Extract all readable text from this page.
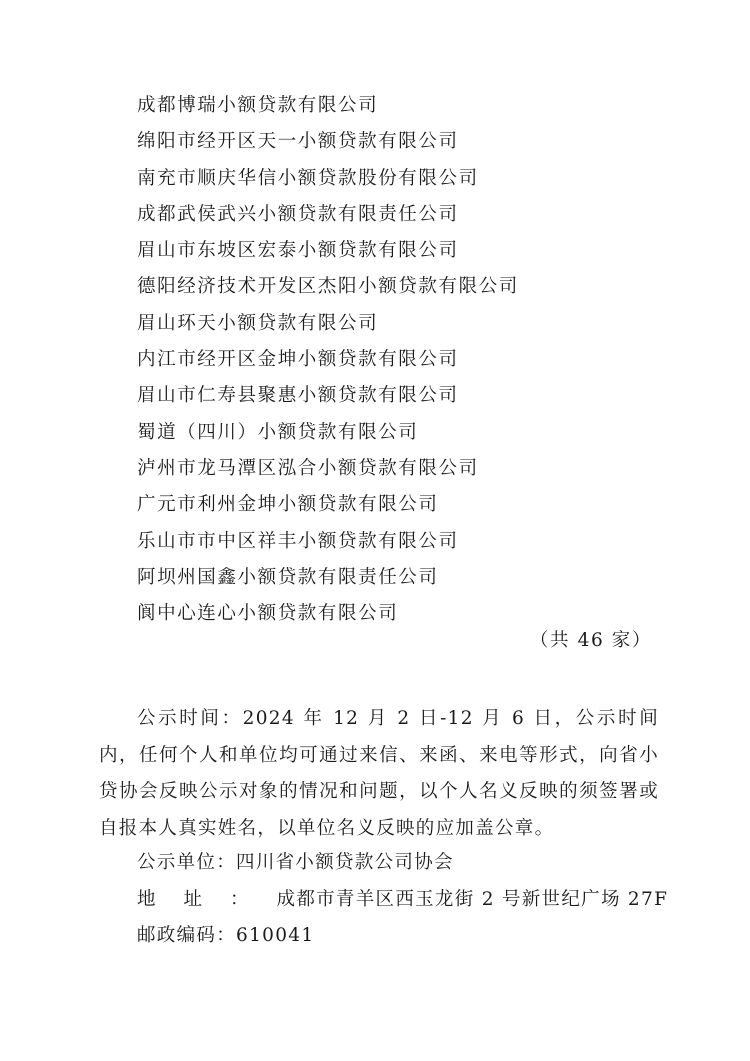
成都博瑞小额贷款有限公司
绵阳市经开区天一小额贷款有限公司
南充市顺庆华信小额贷款股份有限公司
成都武侯武兴小额贷款有限责任公司
眉山市东坡区宏泰小额贷款有限公司
德阳经济技术开发区杰阳小额贷款有限公司
眉山环天小额贷款有限公司
内江市经开区金坤小额贷款有限公司
眉山市仁寿县聚惠小额贷款有限公司
蜀道（四川）小额贷款有限公司
泸州市龙马潭区泓合小额贷款有限公司
广元市利州金坤小额贷款有限公司
乐山市市中区祥丰小额贷款有限公司
阿坝州国鑫小额贷款有限责任公司
阆中心连心小额贷款有限公司
（共 46 家）

公示时间：2024 年 12 月 2 日-12 月 6 日，公示时间内，任何个人和单位均可通过来信、来函、来电等形式，向省小贷协会反映公示对象的情况和问题，以个人名义反映的须签署或自报本人真实姓名，以单位名义反映的应加盖公章。

公示单位：四川省小额贷款公司协会
地址：成都市青羊区西玉龙街 2 号新世纪广场 27F
邮政编码：610041
